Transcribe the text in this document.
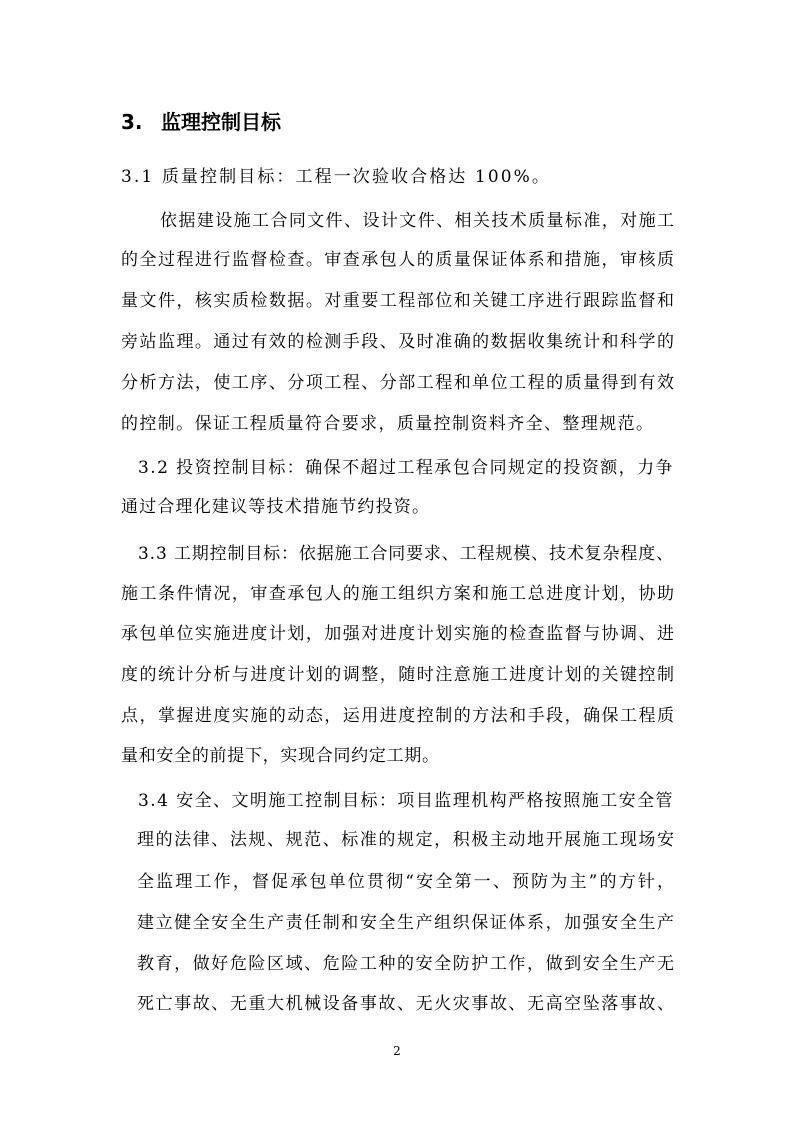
3. 监理控制目标
3.1 质量控制目标：工程一次验收合格达 100%。
依据建设施工合同文件、设计文件、相关技术质量标准，对施工
的全过程进行监督检查。审查承包人的质量保证体系和措施，审核质
量文件，核实质检数据。对重要工程部位和关键工序进行跟踪监督和
旁站监理。通过有效的检测手段、及时准确的数据收集统计和科学的
分析方法，使工序、分项工程、分部工程和单位工程的质量得到有效
的控制。保证工程质量符合要求，质量控制资料齐全、整理规范。
3.2 投资控制目标：确保不超过工程承包合同规定的投资额，力争
通过合理化建议等技术措施节约投资。
3.3 工期控制目标：依据施工合同要求、工程规模、技术复杂程度、
施工条件情况，审查承包人的施工组织方案和施工总进度计划，协助
承包单位实施进度计划，加强对进度计划实施的检查监督与协调、进
度的统计分析与进度计划的调整，随时注意施工进度计划的关键控制
点，掌握进度实施的动态，运用进度控制的方法和手段，确保工程质
量和安全的前提下，实现合同约定工期。
3.4 安全、文明施工控制目标：项目监理机构严格按照施工安全管
理的法律、法规、规范、标准的规定，积极主动地开展施工现场安
全监理工作，督促承包单位贯彻“安全第一、预防为主”的方针，
建立健全安全生产责任制和安全生产组织保证体系，加强安全生产
教育，做好危险区域、危险工种的安全防护工作，做到安全生产无
死亡事故、无重大机械设备事故、无火灾事故、无高空坠落事故、
2
